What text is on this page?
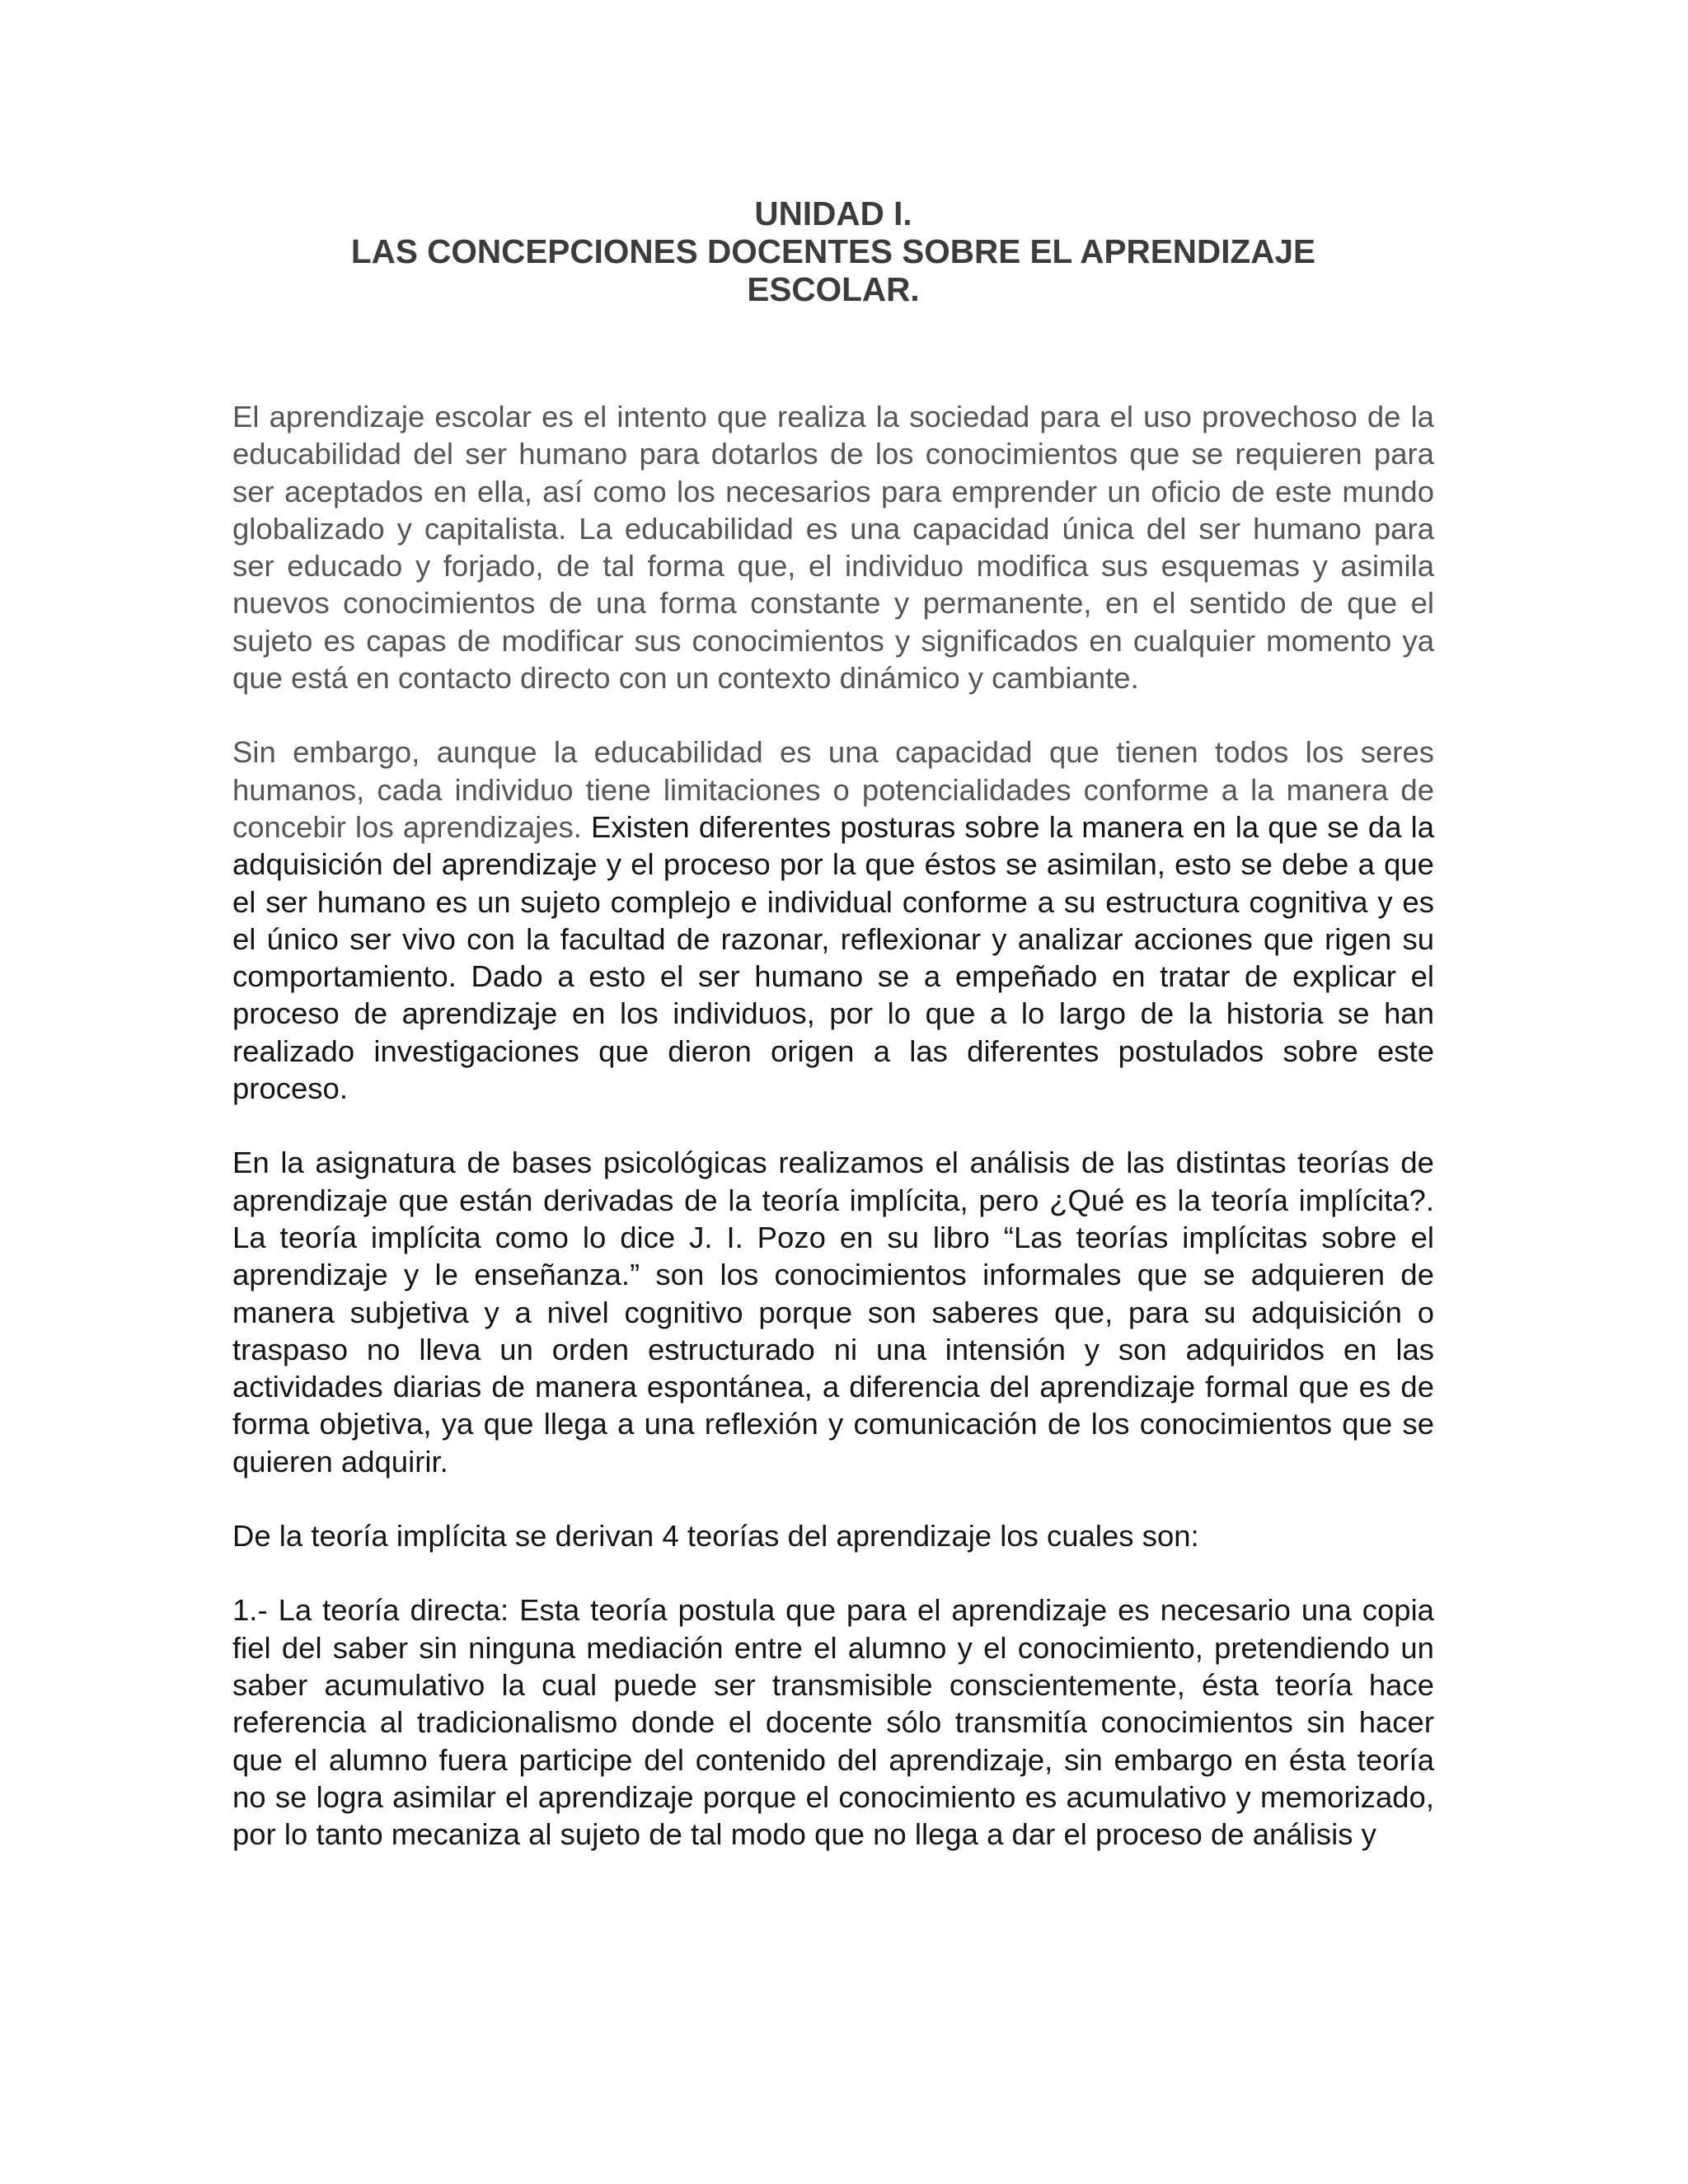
UNIDAD I.
LAS CONCEPCIONES DOCENTES SOBRE EL APRENDIZAJE
ESCOLAR.

El aprendizaje escolar es el intento que realiza la sociedad para el uso provechoso de la educabilidad del ser humano para dotarlos de los conocimientos que se requieren para ser aceptados en ella, así como los necesarios para emprender un oficio de este mundo globalizado y capitalista. La educabilidad es una capacidad única del ser humano para ser educado y forjado, de tal forma que, el individuo modifica sus esquemas y asimila nuevos conocimientos de una forma constante y permanente, en el sentido de que el sujeto es capas de modificar sus conocimientos y significados en cualquier momento ya que está en contacto directo con un contexto dinámico y cambiante.

Sin embargo, aunque la educabilidad es una capacidad que tienen todos los seres humanos, cada individuo tiene limitaciones o potencialidades conforme a la manera de concebir los aprendizajes. Existen diferentes posturas sobre la manera en la que se da la adquisición del aprendizaje y el proceso por la que éstos se asimilan, esto se debe a que el ser humano es un sujeto complejo e individual conforme a su estructura cognitiva y es el único ser vivo con la facultad de razonar, reflexionar y analizar acciones que rigen su comportamiento. Dado a esto el ser humano se a empeñado en tratar de explicar el proceso de aprendizaje en los individuos, por lo que a lo largo de la historia se han realizado investigaciones que dieron origen a las diferentes postulados sobre este proceso.

En la asignatura de bases psicológicas realizamos el análisis de las distintas teorías de aprendizaje que están derivadas de la teoría implícita, pero ¿Qué es la teoría implícita?. La teoría implícita como lo dice J. I. Pozo en su libro “Las teorías implícitas sobre el aprendizaje y le enseñanza.” son los conocimientos informales que se adquieren de manera subjetiva y a nivel cognitivo porque son saberes que, para su adquisición o traspaso no lleva un orden estructurado ni una intensión y son adquiridos en las actividades diarias de manera espontánea, a diferencia del aprendizaje formal que es de forma objetiva, ya que llega a una reflexión y comunicación de los conocimientos que se quieren adquirir.

De la teoría implícita se derivan 4 teorías del aprendizaje los cuales son:

1.- La teoría directa: Esta teoría postula que para el aprendizaje es necesario una copia fiel del saber sin ninguna mediación entre el alumno y el conocimiento, pretendiendo un saber acumulativo la cual puede ser transmisible conscientemente, ésta teoría hace referencia al tradicionalismo donde el docente sólo transmitía conocimientos sin hacer que el alumno fuera participe del contenido del aprendizaje, sin embargo en ésta teoría no se logra asimilar el aprendizaje porque el conocimiento es acumulativo y memorizado, por lo tanto mecaniza al sujeto de tal modo que no llega a dar el proceso de análisis y
